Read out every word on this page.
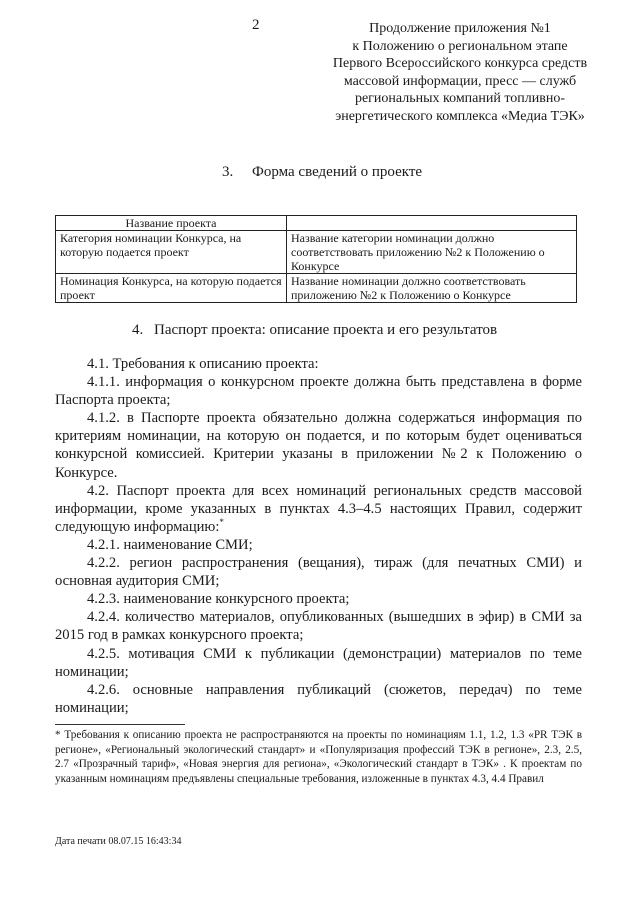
2	Продолжение приложения №1
к Положению о региональном этапе
Первого Всероссийского конкурса средств
массовой информации, пресс — служб
региональных компаний топливно-
энергетического комплекса «Медиа ТЭК»
3. Форма сведений о проекте
Название проекта	
Категория номинации Конкурса, на которую подается проект	Название категории номинации должно соответствовать приложению №2 к Положению о Конкурсе
Номинация Конкурса, на которую подается проект	Название номинации должно соответствовать приложению №2 к Положению о Конкурсе
4. Паспорт проекта: описание проекта и его результатов

4.1. Требования к описанию проекта:

4.1.1. информация о конкурсном проекте должна быть представлена в форме Паспорта проекта;

4.1.2. в Паспорте проекта обязательно должна содержаться информация по критериям номинации, на которую он подается, и по которым будет оцениваться конкурсной комиссией. Критерии указаны в приложении №2 к Положению о Конкурсе.

4.2. Паспорт проекта для всех номинаций региональных средств массовой информации, кроме указанных в пунктах 4.3–4.5 настоящих Правил, содержит следующую информацию:*

4.2.1. наименование СМИ;

4.2.2. регион распространения (вещания), тираж (для печатных СМИ) и основная аудитория СМИ;

4.2.3. наименование конкурсного проекта;

4.2.4. количество материалов, опубликованных (вышедших в эфир) в СМИ за 2015 год в рамках конкурсного проекта;

4.2.5. мотивация СМИ к публикации (демонстрации) материалов по теме номинации;

4.2.6. основные направления публикаций (сюжетов, передач) по теме номинации;

* Требования к описанию проекта не распространяются на проекты по номинациям 1.1, 1.2, 1.3 «PR ТЭК в регионе», «Региональный экологический стандарт» и «Популяризация профессий ТЭК в регионе», 2.3, 2.5, 2.7 «Прозрачный тариф», «Новая энергия для региона», «Экологический стандарт в ТЭК» . К проектам по указанным номинациям предъявлены специальные требования, изложенные в пунктах 4.3, 4.4 Правил
Дата печати 08.07.15 16:43:34
